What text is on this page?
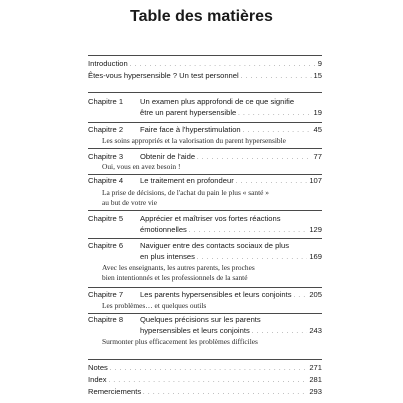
Table des matières
Introduction . . .	9
Êtes-vous hypersensible ? Un test personnel . . .	15
Chapitre 1 Un examen plus approfondi de ce que signifie
être un parent hypersensible . . .	19
Chapitre 2 Faire face à l'hyperstimulation . . .	45
Les soins appropriés et la valorisation du parent hypersensible
Chapitre 3 Obtenir de l'aide . . .	77
Oui, vous en avez besoin !
Chapitre 4 Le traitement en profondeur . . .	107
La prise de décisions, de l'achat du pain le plus « santé »
au but de votre vie
Chapitre 5 Apprécier et maîtriser vos fortes réactions
émotionnelles . . .	129
Chapitre 6 Naviguer entre des contacts sociaux de plus
en plus intenses . . .	169
Avec les enseignants, les autres parents, les proches
bien intentionnés et les professionnels de la santé
Chapitre 7 Les parents hypersensibles et leurs conjoints . . . 205
Les problèmes… et quelques outils
Chapitre 8 Quelques précisions sur les parents
hypersensibles et leurs conjoints . . .	243
Surmonter plus efficacement les problèmes difficiles
Notes . . .	271
Index . . .	281
Remerciements . . .	293
